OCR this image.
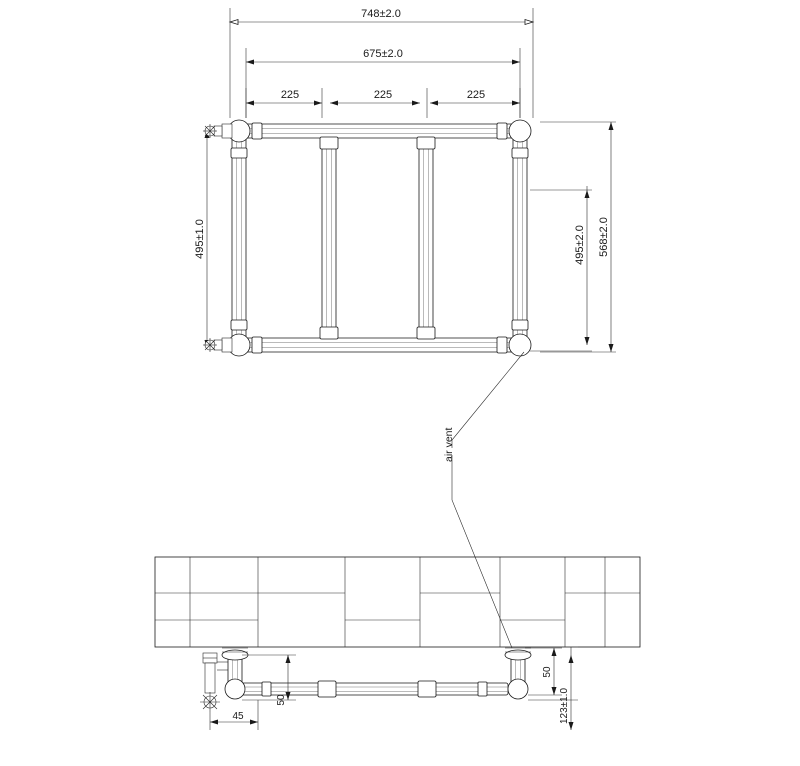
748±2.0
675±2.0
225	225	225
495±1.0	495±2.0 568±2.0
air vent
50
123±1.0
50
45
